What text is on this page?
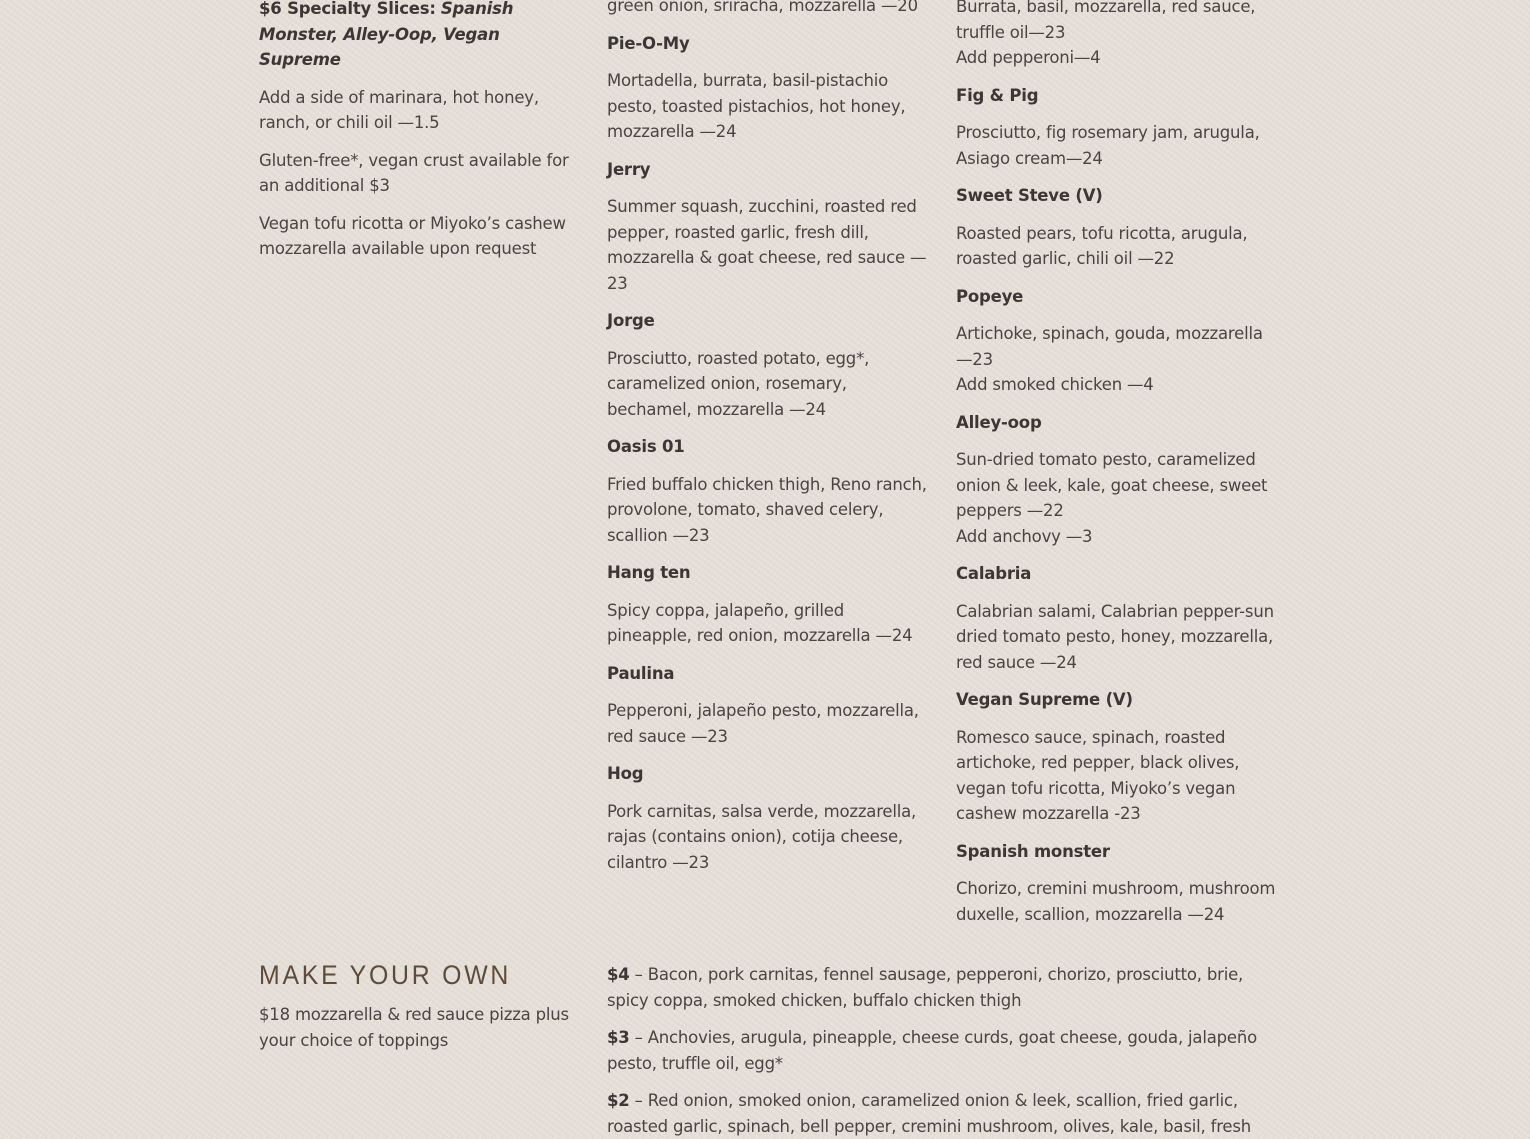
$6 Specialty Slices: Spanish Monster, Alley-Oop, Vegan Supreme

Add a side of marinara, hot honey, ranch, or chili oil —1.5

Gluten-free*, vegan crust available for an additional $3

Vegan tofu ricotta or Miyoko’s cashew mozzarella available upon request

green onion, sriracha, mozzarella —20

Pie-O-My

Mortadella, burrata, basil-pistachio pesto, toasted pistachios, hot honey, mozzarella —24

Jerry

Summer squash, zucchini, roasted red pepper, roasted garlic, fresh dill, mozzarella & goat cheese, red sauce —23

Jorge

Prosciutto, roasted potato, egg*, caramelized onion, rosemary, bechamel, mozzarella —24

Oasis 01

Fried buffalo chicken thigh, Reno ranch, provolone, tomato, shaved celery, scallion —23

Hang ten

Spicy coppa, jalapeño, grilled pineapple, red onion, mozzarella —24

Paulina

Pepperoni, jalapeño pesto, mozzarella, red sauce —23

Hog

Pork carnitas, salsa verde, mozzarella, rajas (contains onion), cotija cheese, cilantro —23

Burrata, basil, mozzarella, red sauce, truffle oil—23

Add pepperoni—4

Fig & Pig

Prosciutto, fig rosemary jam, arugula, Asiago cream—24

Sweet Steve (V)

Roasted pears, tofu ricotta, arugula, roasted garlic, chili oil —22

Popeye

Artichoke, spinach, gouda, mozzarella —23

Add smoked chicken —4

Alley-oop

Sun-dried tomato pesto, caramelized onion & leek, kale, goat cheese, sweet peppers —22

Add anchovy —3

Calabria

Calabrian salami, Calabrian pepper-sun dried tomato pesto, honey, mozzarella, red sauce —24

Vegan Supreme (V)

Romesco sauce, spinach, roasted artichoke, red pepper, black olives, vegan tofu ricotta, Miyoko’s vegan cashew mozzarella -23

Spanish monster

Chorizo, cremini mushroom, mushroom duxelle, scallion, mozzarella —24

MAKE YOUR OWN

$18 mozzarella & red sauce pizza plus your choice of toppings

$4 – Bacon, pork carnitas, fennel sausage, pepperoni, chorizo, prosciutto, brie, spicy coppa, smoked chicken, buffalo chicken thigh

$3 – Anchovies, arugula, pineapple, cheese curds, goat cheese, gouda, jalapeño pesto, truffle oil, egg*

$2 – Red onion, smoked onion, caramelized onion & leek, scallion, fried garlic, roasted garlic, spinach, bell pepper, cremini mushroom, olives, kale, basil, fresh
